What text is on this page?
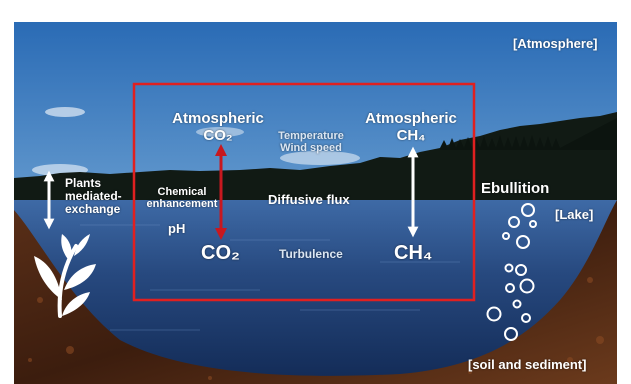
[Atmosphere]
Atmospheric
CO₂
Atmospheric
CH₄
Temperature
Wind speed
Chemical
enhancement
pH
Diffusive flux
CO₂	Turbulence	CH₄
Ebullition
[Lake]
Plants
mediated-
exchange
[soil and sediment]
